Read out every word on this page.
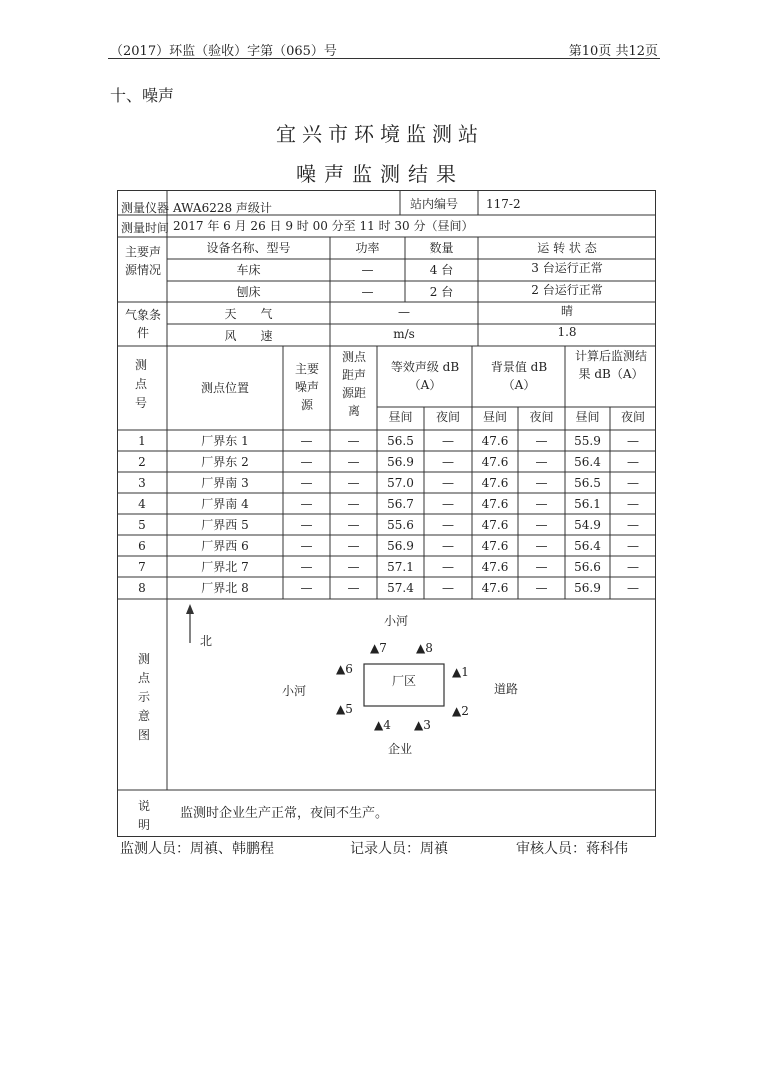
（2017）环监（验收）字第（065）号	第10页 共12页
十、噪声
宜兴市环境监测站
噪声监测结果
测量仪器 AWA6228 声级计	站内编号 117-2
测量时间 2017 年 6 月 26 日 9 时 00 分至 11 时 30 分（昼间）
主要声源情况
设备名称、型号	功率	数量	运 转 状 态
车床	—	4 台	3 台运行正常
刨床	—	2 台	2 台运行正常
气象条件
天　　气	—	晴
风　　速	m/s	1.8
测点号
测点位置
主要噪声源
测点距声源距离
等效声级 dB（A）
背景值 dB（A）
计算后监测结果 dB（A）
昼间	夜间	昼间	夜间	昼间	夜间
1	厂界东 1	—	—	56.5	—	47.6	—	55.9	—
2	厂界东 2	—	—	56.9	—	47.6	—	56.4	—
3	厂界南 3	—	—	57.0	—	47.6	—	56.5	—
4	厂界南 4	—	—	56.7	—	47.6	—	56.1	—
5	厂界西 5	—	—	55.6	—	47.6	—	54.9	—
6	厂界西 6	—	—	56.9	—	47.6	—	56.4	—
7	厂界北 7	—	—	57.1	—	47.6	—	56.6	—
8	厂界北 8	—	—	57.4	—	47.6	—	56.9	—
测点示意图
北
小河
小河	道路
企业
厂区
▲1
▲2
▲3
▲4
▲5
▲6
▲7 ▲8
说明
监测时企业生产正常，夜间不生产。
监测人员：周禛、韩鹏程	记录人员：周禛	审核人员：蒋科伟
